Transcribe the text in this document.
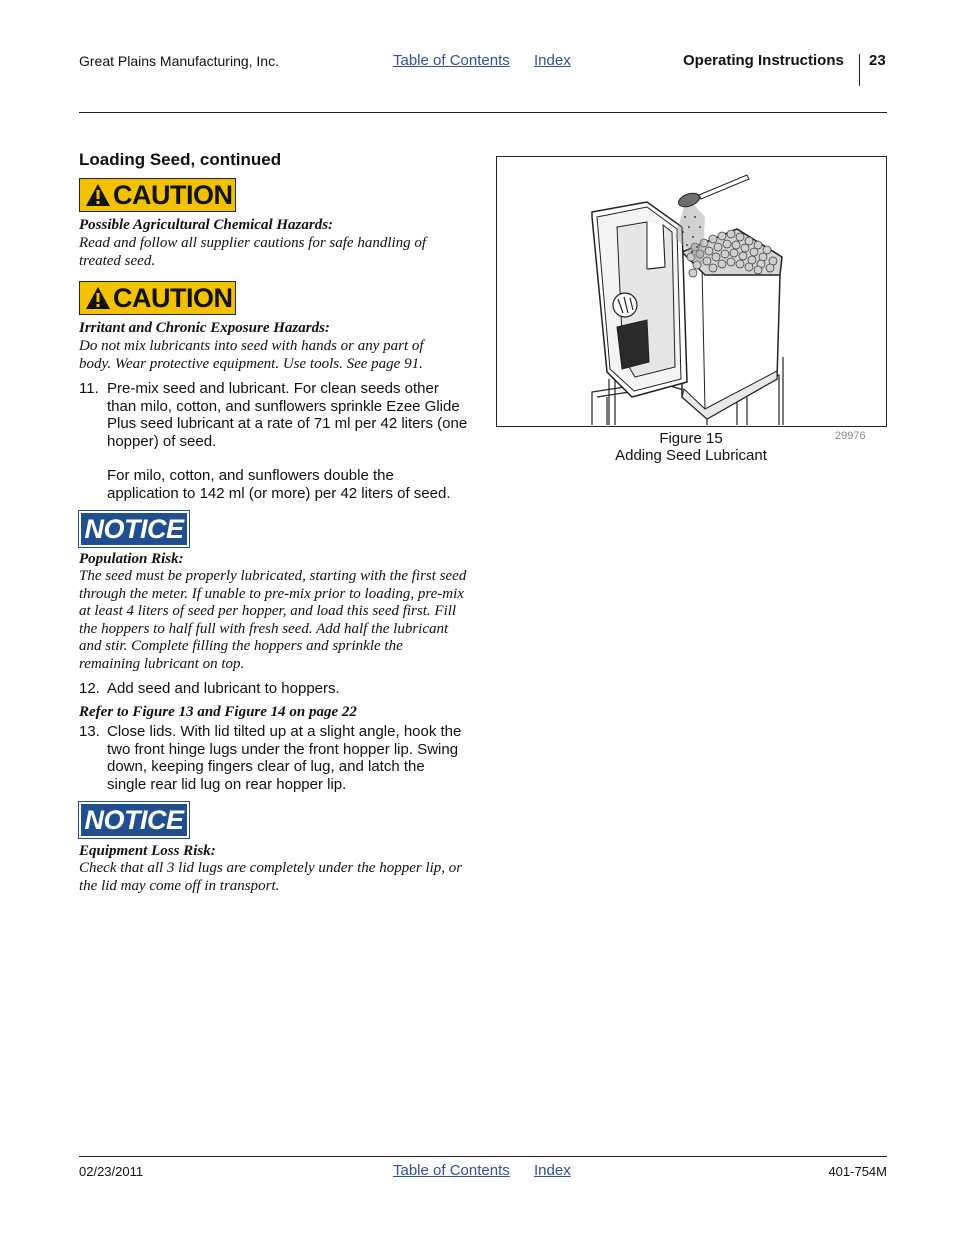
Great Plains Manufacturing, Inc.	Table of Contents Index	Operating Instructions 23
Loading Seed, continued
CAUTION
Possible Agricultural Chemical Hazards:
Read and follow all supplier cautions for safe handling of treated seed.
CAUTION
Irritant and Chronic Exposure Hazards:
Do not mix lubricants into seed with hands or any part of body. Wear protective equipment. Use tools. See page 91.
11. Pre-mix seed and lubricant. For clean seeds other than milo, cotton, and sunflowers sprinkle Ezee Glide Plus seed lubricant at a rate of 71 ml per 42 liters (one hopper) of seed.
For milo, cotton, and sunflowers double the application to 142 ml (or more) per 42 liters of seed.
NOTICE
Population Risk:
The seed must be properly lubricated, starting with the first seed through the meter. If unable to pre-mix prior to loading, pre-mix at least 4 liters of seed per hopper, and load this seed first. Fill the hoppers to half full with fresh seed. Add half the lubricant and stir. Complete filling the hoppers and sprinkle the remaining lubricant on top.
12. Add seed and lubricant to hoppers.
Refer to Figure 13 and Figure 14 on page 22
13. Close lids. With lid tilted up at a slight angle, hook the two front hinge lugs under the front hopper lip. Swing down, keeping fingers clear of lug, and latch the single rear lid lug on rear hopper lip.
NOTICE
Equipment Loss Risk:
Check that all 3 lid lugs are completely under the hopper lip, or the lid may come off in transport.
Figure 15
Adding Seed Lubricant
29976
02/23/2011	Table of Contents Index	401-754M
